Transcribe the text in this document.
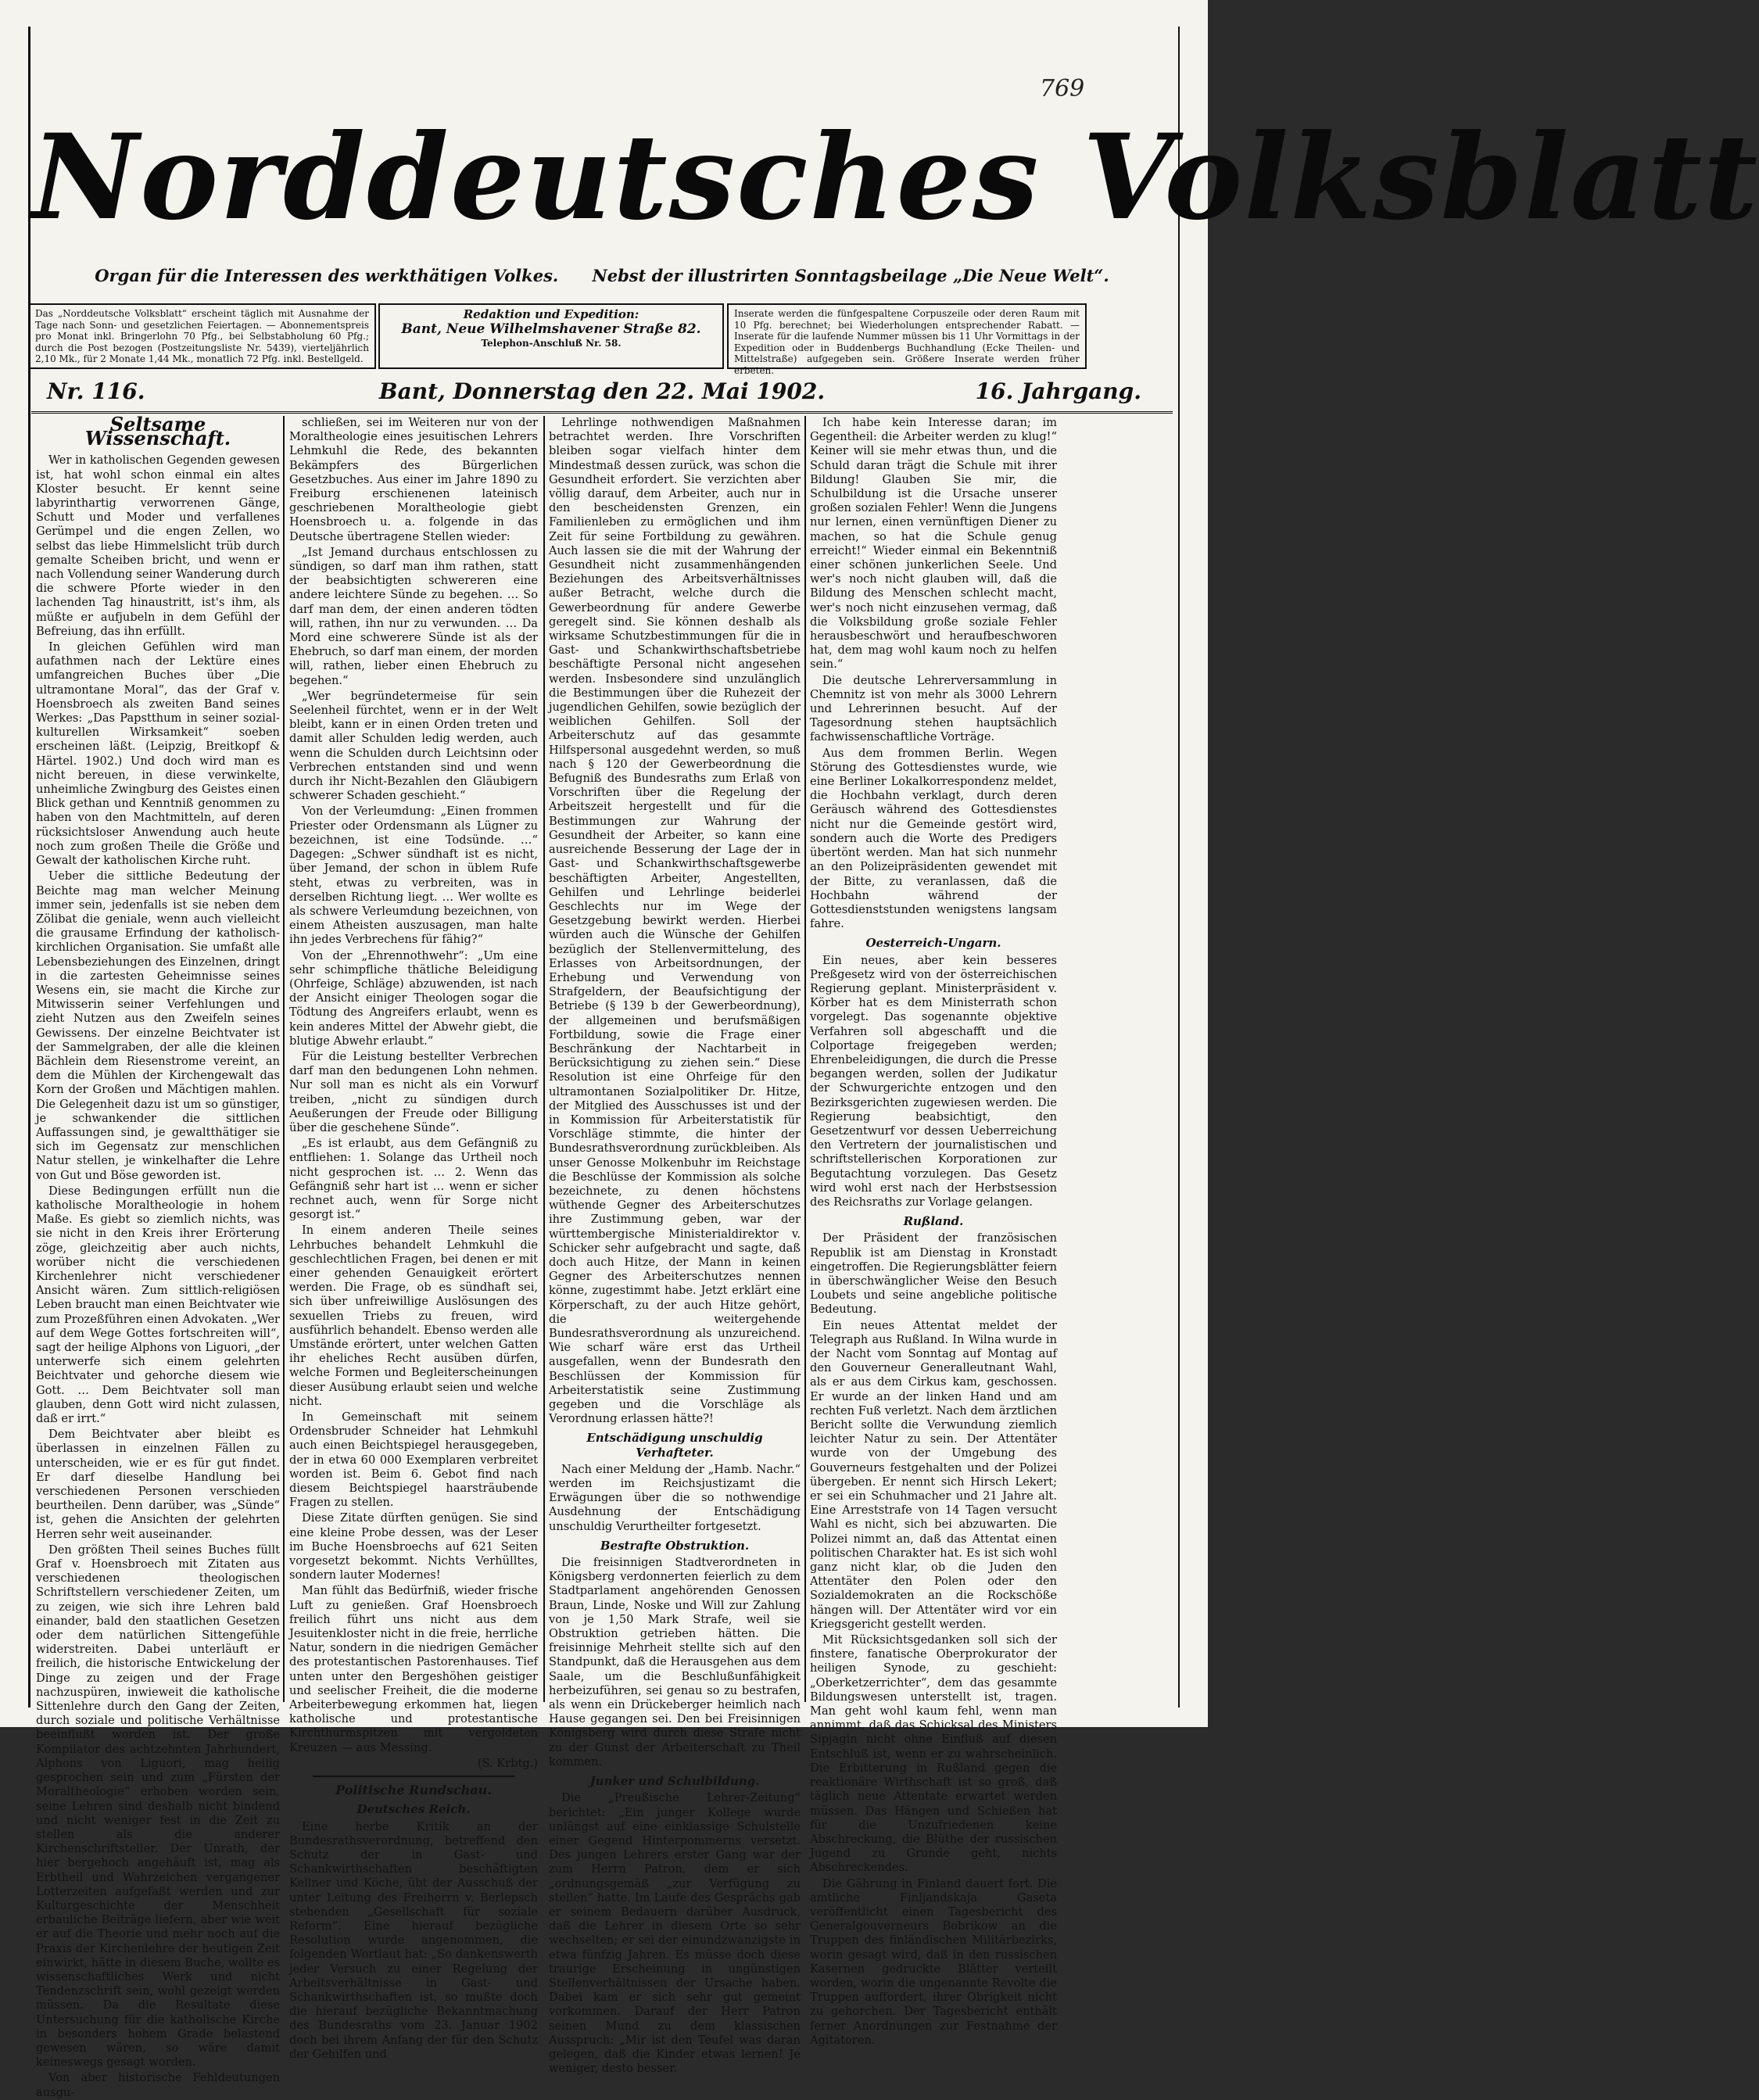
769
Norddeutsches Volksblatt
Organ für die Interessen des werkthätigen Volkes. Nebst der illustrirten Sonntagsbeilage „Die Neue Welt“.
Das „Norddeutsche Volksblatt“ erscheint täglich mit Ausnahme der Tage nach Sonn- und gesetzlichen Feiertagen. — Abonnementspreis pro Monat inkl. Bringerlohn 70 Pfg., bei Selbstabholung 60 Pfg.; durch die Post bezogen (Postzeitungsliste Nr. 5439), vierteljährlich 2,10 Mk., für 2 Monate 1,44 Mk., monatlich 72 Pfg. inkl. Bestellgeld.
Redaktion und Expedition:
Bant, Neue Wilhelmshavener Straße 82.
Telephon-Anschluß Nr. 58.
Inserate werden die fünfgespaltene Corpuszeile oder deren Raum mit 10 Pfg. berechnet; bei Wiederholungen entsprechender Rabatt. — Inserate für die laufende Nummer müssen bis 11 Uhr Vormittags in der Expedition oder in Buddenbergs Buchhandlung (Ecke Theilen- und Mittelstraße) aufgegeben sein. Größere Inserate werden früher erbeten.
Bant, Donnerstag den 22. Mai 1902.
Nr. 116.	16. Jahrgang.
Seltsame Wissenschaft.

Wer in katholischen Gegenden gewesen ist, hat wohl schon einmal ein altes Kloster besucht. Er kennt seine labyrinthartig verworrenen Gänge, Schutt und Moder und verfallenes Gerümpel und die engen Zellen, wo selbst das liebe Himmelslicht trüb durch gemalte Scheiben bricht, und wenn er nach Vollendung seiner Wanderung durch die schwere Pforte wieder in den lachenden Tag hinaustritt, ist's ihm, als müßte er aufjubeln in dem Gefühl der Befreiung, das ihn erfüllt.

In gleichen Gefühlen wird man aufathmen nach der Lektüre eines umfangreichen Buches über „Die ultramontane Moral“, das der Graf v. Hoensbroech als zweiten Band seines Werkes: „Das Papstthum in seiner sozial-kulturellen Wirksamkeit“ soeben erscheinen läßt. (Leipzig, Breitkopf & Härtel. 1902.) Und doch wird man es nicht bereuen, in diese verwinkelte, unheimliche Zwingburg des Geistes einen Blick gethan und Kenntniß genommen zu haben von den Machtmitteln, auf deren rücksichtsloser Anwendung auch heute noch zum großen Theile die Größe und Gewalt der katholischen Kirche ruht.

Ueber die sittliche Bedeutung der Beichte mag man welcher Meinung immer sein, jedenfalls ist sie neben dem Zölibat die geniale, wenn auch vielleicht die grausame Erfindung der katholisch-kirchlichen Organisation. Sie umfaßt alle Lebensbeziehungen des Einzelnen, dringt in die zartesten Geheimnisse seines Wesens ein, sie macht die Kirche zur Mitwisserin seiner Verfehlungen und zieht Nutzen aus den Zweifeln seines Gewissens. Der einzelne Beichtvater ist der Sammelgraben, der alle die kleinen Bächlein dem Riesenstrome vereint, an dem die Mühlen der Kirchengewalt das Korn der Großen und Mächtigen mahlen. Die Gelegenheit dazu ist um so günstiger, je schwankender die sittlichen Auffassungen sind, je gewaltthätiger sie sich im Gegensatz zur menschlichen Natur stellen, je winkelhafter die Lehre von Gut und Böse geworden ist.

Diese Bedingungen erfüllt nun die katholische Moraltheologie in hohem Maße. Es giebt so ziemlich nichts, was sie nicht in den Kreis ihrer Erörterung zöge, gleichzeitig aber auch nichts, worüber nicht die verschiedenen Kirchenlehrer nicht verschiedener Ansicht wären. Zum sittlich-religiösen Leben braucht man einen Beichtvater wie zum Prozeßführen einen Advokaten. „Wer auf dem Wege Gottes fortschreiten will“, sagt der heilige Alphons von Liguori, „der unterwerfe sich einem gelehrten Beichtvater und gehorche diesem wie Gott. … Dem Beichtvater soll man glauben, denn Gott wird nicht zulassen, daß er irrt.“

Dem Beichtvater aber bleibt es überlassen in einzelnen Fällen zu unterscheiden, wie er es für gut findet. Er darf dieselbe Handlung bei verschiedenen Personen verschieden beurtheilen. Denn darüber, was „Sünde“ ist, gehen die Ansichten der gelehrten Herren sehr weit auseinander.

Den größten Theil seines Buches füllt Graf v. Hoensbroech mit Zitaten aus verschiedenen theologischen Schriftstellern verschiedener Zeiten, um zu zeigen, wie sich ihre Lehren bald einander, bald den staatlichen Gesetzen oder dem natürlichen Sittengefühle widerstreiten. Dabei unterläuft er freilich, die historische Entwickelung der Dinge zu zeigen und der Frage nachzuspüren, inwieweit die katholische Sittenlehre durch den Gang der Zeiten, durch soziale und politische Verhältnisse beeinflußt worden ist. Der große Kompilator des achtzehnten Jahrhundert, Alphons von Liguori, mag heilig gesprochen sein und zum „Fürsten der Moraltheologie“ erhoben worden sein, seine Lehren sind deshalb nicht bindend und nicht weniger fest in die Zeit zu stellen als die anderer Kirchenschriftsteller. Der Unrath, der hier bergehoch angehäuft ist, mag als Erbtheil und Wahrzeichen vergangener Lotterzeiten aufgefaßt werden und zur Kulturgeschichte der Menschheit erbauliche Beiträge liefern, aber wie weit er auf die Theorie und mehr noch auf die Praxis der Kirchenlehre der heutigen Zeit einwirkt, hätte in diesem Buche, wollte es wissenschaftliches Werk und nicht Tendenzschrift sein, wohl gezeigt werden müssen. Da die Resultate diese Untersuchung für die katholische Kirche in besonders hohem Grade belastend gewesen wären, so wäre damit keineswegs gesagt worden.

Von aber historische Fehldeutungen ausgu-

schließen, sei im Weiteren nur von der Moraltheologie eines jesuitischen Lehrers Lehmkuhl die Rede, des bekannten Bekämpfers des Bürgerlichen Gesetzbuches. Aus einer im Jahre 1890 zu Freiburg erschienenen lateinisch geschriebenen Moraltheologie giebt Hoensbroech u. a. folgende in das Deutsche übertragene Stellen wieder:

„Ist Jemand durchaus entschlossen zu sündigen, so darf man ihm rathen, statt der beabsichtigten schwereren eine andere leichtere Sünde zu begehen. … So darf man dem, der einen anderen tödten will, rathen, ihn nur zu verwunden. … Da Mord eine schwerere Sünde ist als der Ehebruch, so darf man einem, der morden will, rathen, lieber einen Ehebruch zu begehen.“

„Wer begründetermeise für sein Seelenheil fürchtet, wenn er in der Welt bleibt, kann er in einen Orden treten und damit aller Schulden ledig werden, auch wenn die Schulden durch Leichtsinn oder Verbrechen entstanden sind und wenn durch ihr Nicht-Bezahlen den Gläubigern schwerer Schaden geschieht.“

Von der Verleumdung: „Einen frommen Priester oder Ordensmann als Lügner zu bezeichnen, ist eine Todsünde. …“ Dagegen: „Schwer sündhaft ist es nicht, über Jemand, der schon in üblem Rufe steht, etwas zu verbreiten, was in derselben Richtung liegt. … Wer wollte es als schwere Verleumdung bezeichnen, von einem Atheisten auszusagen, man halte ihn jedes Verbrechens für fähig?“

Von der „Ehrennothwehr“: „Um eine sehr schimpfliche thätliche Beleidigung (Ohrfeige, Schläge) abzuwenden, ist nach der Ansicht einiger Theologen sogar die Tödtung des Angreifers erlaubt, wenn es kein anderes Mittel der Abwehr giebt, die blutige Abwehr erlaubt.“

Für die Leistung bestellter Verbrechen darf man den bedungenen Lohn nehmen. Nur soll man es nicht als ein Vorwurf treiben, „nicht zu sündigen durch Aeußerungen der Freude oder Billigung über die geschehene Sünde“.

„Es ist erlaubt, aus dem Gefängniß zu entfliehen: 1. Solange das Urtheil noch nicht gesprochen ist. … 2. Wenn das Gefängniß sehr hart ist … wenn er sicher rechnet auch, wenn für Sorge nicht gesorgt ist.“

In einem anderen Theile seines Lehrbuches behandelt Lehmkuhl die geschlechtlichen Fragen, bei denen er mit einer gehenden Genauigkeit erörtert werden. Die Frage, ob es sündhaft sei, sich über unfreiwillige Auslösungen des sexuellen Triebs zu freuen, wird ausführlich behandelt. Ebenso werden alle Umstände erörtert, unter welchen Gatten ihr eheliches Recht ausüben dürfen, welche Formen und Begleiterscheinungen dieser Ausübung erlaubt seien und welche nicht.

In Gemeinschaft mit seinem Ordensbruder Schneider hat Lehmkuhl auch einen Beichtspiegel herausgegeben, der in etwa 60 000 Exemplaren verbreitet worden ist. Beim 6. Gebot find nach diesem Beichtspiegel haarsträubende Fragen zu stellen.

Diese Zitate dürften genügen. Sie sind eine kleine Probe dessen, was der Leser im Buche Hoensbroechs auf 621 Seiten vorgesetzt bekommt. Nichts Verhülltes, sondern lauter Modernes!

Man fühlt das Bedürfniß, wieder frische Luft zu genießen. Graf Hoensbroech freilich führt uns nicht aus dem Jesuitenkloster nicht in die freie, herrliche Natur, sondern in die niedrigen Gemächer des protestantischen Pastorenhauses. Tief unten unter den Bergeshöhen geistiger und seelischer Freiheit, die die moderne Arbeiterbewegung erkommen hat, liegen katholische und protestantische Kirchthurmspitzen mit vergoldeten Kreuzen — aus Messing.

(S. Krbtg.)

Politische Rundschau.
Deutsches Reich.

Eine herbe Kritik an der Bundesrathsverordnung, betreffend den Schutz der in Gast- und Schankwirthschaften beschäftigten Kellner und Köche, übt der Ausschuß der unter Leitung des Freiherrn v. Berlepsch stehenden „Gesellschaft für soziale Reform“. Eine hierauf bezügliche Resolution wurde angenommen, die folgenden Wortlaut hat: „So dankenswerth jeder Versuch zu einer Regelung der Arbeitsverhältnisse in Gast- und Schankwirthschaften ist, so mußte doch die hierauf bezügliche Bekanntmachung des Bundesraths vom 23. Januar 1902 doch bei ihrem Anfang der für den Schutz der Gehilfen und

Lehrlinge nothwendigen Maßnahmen betrachtet werden. Ihre Vorschriften bleiben sogar vielfach hinter dem Mindestmaß dessen zurück, was schon die Gesundheit erfordert. Sie verzichten aber völlig darauf, dem Arbeiter, auch nur in den bescheidensten Grenzen, ein Familienleben zu ermöglichen und ihm Zeit für seine Fortbildung zu gewähren. Auch lassen sie die mit der Wahrung der Gesundheit nicht zusammenhängenden Beziehungen des Arbeitsverhältnisses außer Betracht, welche durch die Gewerbeordnung für andere Gewerbe geregelt sind. Sie können deshalb als wirksame Schutzbestimmungen für die in Gast- und Schankwirthschaftsbetriebe beschäftigte Personal nicht angesehen werden. Insbesondere sind unzulänglich die Bestimmungen über die Ruhezeit der jugendlichen Gehilfen, sowie bezüglich der weiblichen Gehilfen. Soll der Arbeiterschutz auf das gesammte Hilfspersonal ausgedehnt werden, so muß nach § 120 der Gewerbeordnung die Befugniß des Bundesraths zum Erlaß von Vorschriften über die Regelung der Arbeitszeit hergestellt und für die Bestimmungen zur Wahrung der Gesundheit der Arbeiter, so kann eine ausreichende Besserung der Lage der in Gast- und Schankwirthschaftsgewerbe beschäftigten Arbeiter, Angestellten, Gehilfen und Lehrlinge beiderlei Geschlechts nur im Wege der Gesetzgebung bewirkt werden. Hierbei würden auch die Wünsche der Gehilfen bezüglich der Stellenvermittelung, des Erlasses von Arbeitsordnungen, der Erhebung und Verwendung von Strafgeldern, der Beaufsichtigung der Betriebe (§ 139 b der Gewerbeordnung), der allgemeinen und berufsmäßigen Fortbildung, sowie die Frage einer Beschränkung der Nachtarbeit in Berücksichtigung zu ziehen sein.“ Diese Resolution ist eine Ohrfeige für den ultramontanen Sozialpolitiker Dr. Hitze, der Mitglied des Ausschusses ist und der in Kommission für Arbeiterstatistik für Vorschläge stimmte, die hinter der Bundesrathsverordnung zurückbleiben. Als unser Genosse Molkenbuhr im Reichstage die Beschlüsse der Kommission als solche bezeichnete, zu denen höchstens wüthende Gegner des Arbeiterschutzes ihre Zustimmung geben, war der württembergische Ministerialdirektor v. Schicker sehr aufgebracht und sagte, daß doch auch Hitze, der Mann in keinen Gegner des Arbeiterschutzes nennen könne, zugestimmt habe. Jetzt erklärt eine Körperschaft, zu der auch Hitze gehört, die weitergehende Bundesrathsverordnung als unzureichend. Wie scharf wäre erst das Urtheil ausgefallen, wenn der Bundesrath den Beschlüssen der Kommission für Arbeiterstatistik seine Zustimmung gegeben und die Vorschläge als Verordnung erlassen hätte?!

Entschädigung unschuldig Verhafteter.

Nach einer Meldung der „Hamb. Nachr.“ werden im Reichsjustizamt die Erwägungen über die so nothwendige Ausdehnung der Entschädigung unschuldig Verurtheilter fortgesetzt.

Bestrafte Obstruktion.

Die freisinnigen Stadtverordneten in Königsberg verdonnerten feierlich zu dem Stadtparlament angehörenden Genossen Braun, Linde, Noske und Will zur Zahlung von je 1,50 Mark Strafe, weil sie Obstruktion getrieben hätten. Die freisinnige Mehrheit stellte sich auf den Standpunkt, daß die Herausgehen aus dem Saale, um die Beschlußunfähigkeit herbeizuführen, sei genau so zu bestrafen, als wenn ein Drückeberger heimlich nach Hause gegangen sei. Den bei Freisinnigen Königsberg wird durch diese Strafe nicht zu der Gunst der Arbeiterschaft zu Theil kommen.

Junker und Schulbildung.

Die „Preußische Lehrer-Zeitung“ berichtet: „Ein junger Kollege wurde unlängst auf eine einklassige Schulstelle einer Gegend Hinterpommerns versetzt. Des jungen Lehrers erster Gang war der zum Herrn Patron, dem er sich „ordnungsgemäß „zur Verfügung zu stellen“ hatte. Im Laufe des Gesprächs gab er seinem Bedauern darüber Ausdruck, daß die Lehrer in diesem Orte so sehr wechselten; er sei der einundzwanzigste in etwa fünfzig Jahren. Es müsse doch diese traurige Erscheinung in ungünstigen Stellenverhältnissen der Ursache haben. Dabei kam er sich sehr gut gemeint vorkommen. Darauf der Herr Patron seinen Mund zu dem klassischen Ausspruch: „Mir ist den Teufel was daran gelegen, daß die Kinder etwas lernen! Je weniger, desto besser.

Ich habe kein Interesse daran; im Gegentheil: die Arbeiter werden zu klug!“ Keiner will sie mehr etwas thun, und die Schuld daran trägt die Schule mit ihrer Bildung! Glauben Sie mir, die Schulbildung ist die Ursache unserer großen sozialen Fehler! Wenn die Jungens nur lernen, einen vernünftigen Diener zu machen, so hat die Schule genug erreicht!“ Wieder einmal ein Bekenntniß einer schönen junkerlichen Seele. Und wer's noch nicht glauben will, daß die Bildung des Menschen schlecht macht, wer's noch nicht einzusehen vermag, daß die Volksbildung große soziale Fehler herausbeschwört und heraufbeschworen hat, dem mag wohl kaum noch zu helfen sein.“

Die deutsche Lehrerversammlung in Chemnitz ist von mehr als 3000 Lehrern und Lehrerinnen besucht. Auf der Tagesordnung stehen hauptsächlich fachwissenschaftliche Vorträge.

Aus dem frommen Berlin. Wegen Störung des Gottesdienstes wurde, wie eine Berliner Lokalkorrespondenz meldet, die Hochbahn verklagt, durch deren Geräusch während des Gottesdienstes nicht nur die Gemeinde gestört wird, sondern auch die Worte des Predigers übertönt werden. Man hat sich nunmehr an den Polizeipräsidenten gewendet mit der Bitte, zu veranlassen, daß die Hochbahn während der Gottesdienststunden wenigstens langsam fahre.

Oesterreich-Ungarn.

Ein neues, aber kein besseres Preßgesetz wird von der österreichischen Regierung geplant. Ministerpräsident v. Körber hat es dem Ministerrath schon vorgelegt. Das sogenannte objektive Verfahren soll abgeschafft und die Colportage freigegeben werden; Ehrenbeleidigungen, die durch die Presse begangen werden, sollen der Judikatur der Schwurgerichte entzogen und den Bezirksgerichten zugewiesen werden. Die Regierung beabsichtigt, den Gesetzentwurf vor dessen Ueberreichung den Vertretern der journalistischen und schriftstellerischen Korporationen zur Begutachtung vorzulegen. Das Gesetz wird wohl erst nach der Herbstsession des Reichsraths zur Vorlage gelangen.

Rußland.

Der Präsident der französischen Republik ist am Dienstag in Kronstadt eingetroffen. Die Regierungsblätter feiern in überschwänglicher Weise den Besuch Loubets und seine angebliche politische Bedeutung.

Ein neues Attentat meldet der Telegraph aus Rußland. In Wilna wurde in der Nacht vom Sonntag auf Montag auf den Gouverneur Generalleutnant Wahl, als er aus dem Cirkus kam, geschossen. Er wurde an der linken Hand und am rechten Fuß verletzt. Nach dem ärztlichen Bericht sollte die Verwundung ziemlich leichter Natur zu sein. Der Attentäter wurde von der Umgebung des Gouverneurs festgehalten und der Polizei übergeben. Er nennt sich Hirsch Lekert; er sei ein Schuhmacher und 21 Jahre alt. Eine Arreststrafe von 14 Tagen versucht Wahl es nicht, sich bei abzuwarten. Die Polizei nimmt an, daß das Attentat einen politischen Charakter hat. Es ist sich wohl ganz nicht klar, ob die Juden den Attentäter den Polen oder den Sozialdemokraten an die Rockschöße hängen will. Der Attentäter wird vor ein Kriegsgericht gestellt werden.

Mit Rücksichtsgedanken soll sich der finstere, fanatische Oberprokurator der heiligen Synode, zu geschieht: „Oberketzerrichter“, dem das gesammte Bildungswesen unterstellt ist, tragen. Man geht wohl kaum fehl, wenn man annimmt, daß das Schicksal des Ministers Sipjagin nicht ohne Einfluß auf diesen Entschluß ist, wenn er zu wahrscheinlich. Die Erbitterung in Rußland gegen die reaktionäre Wirthschaft ist so groß, daß täglich neue Attentate erwartet werden müssen. Das Hängen und Schießen hat für die Unzufriedenen keine Abschreckung, die Blüthe der russischen Jugend zu Grunde geht, nichts Abschreckendes.

Die Gährung in Finland dauert fort. Die amtliche Finljandskaja Gaseta veröffentlicht einen Tagesbericht des Generalgouverneurs Bobrikow an die Truppen des finländischen Militärbezirks, worin gesagt wird, daß in den russischen Kasernen gedruckte Blätter verteilt worden, worin die ungenannte Revolte die Truppen auffordert, ihrer Obrigkeit nicht zu gehorchen. Der Tagesbericht enthält ferner Anordnungen zur Festnahme der Agitatoren.
